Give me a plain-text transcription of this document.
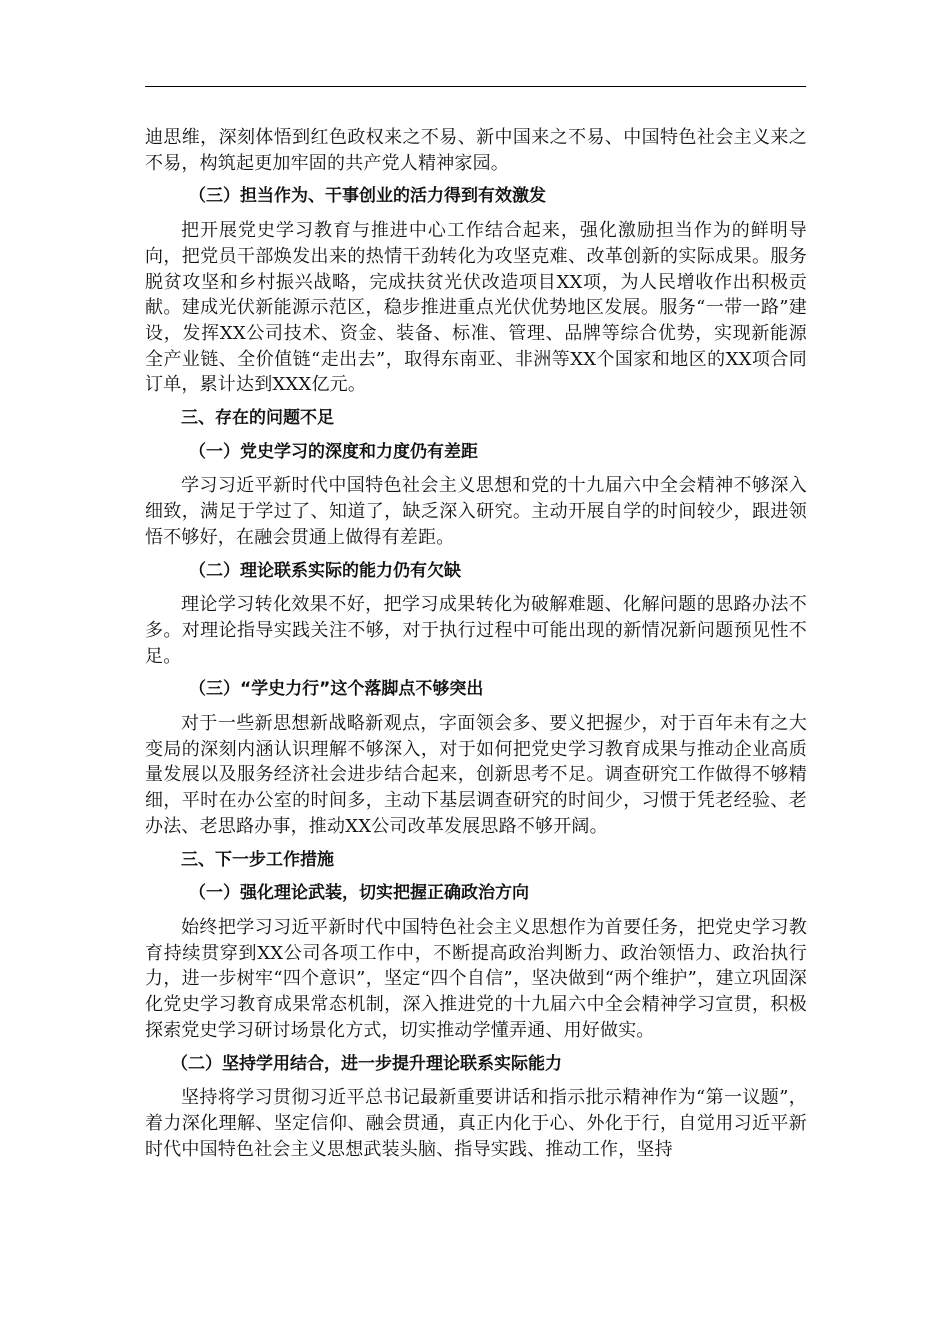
迪思维，深刻体悟到红色政权来之不易、新中国来之不易、中国特色社会主义来之不易，构筑起更加牢固的共产党人精神家园。

（三）担当作为、干事创业的活力得到有效激发

把开展党史学习教育与推进中心工作结合起来，强化激励担当作为的鲜明导向，把党员干部焕发出来的热情干劲转化为攻坚克难、改革创新的实际成果。服务脱贫攻坚和乡村振兴战略，完成扶贫光伏改造项目XX项，为人民增收作出积极贡献。建成光伏新能源示范区，稳步推进重点光伏优势地区发展。服务“一带一路”建设，发挥XX公司技术、资金、装备、标准、管理、品牌等综合优势，实现新能源全产业链、全价值链“走出去”，取得东南亚、非洲等XX个国家和地区的XX项合同订单，累计达到XXX亿元。

三、存在的问题不足

（一）党史学习的深度和力度仍有差距

学习习近平新时代中国特色社会主义思想和党的十九届六中全会精神不够深入细致，满足于学过了、知道了，缺乏深入研究。主动开展自学的时间较少，跟进领悟不够好，在融会贯通上做得有差距。

（二）理论联系实际的能力仍有欠缺

理论学习转化效果不好，把学习成果转化为破解难题、化解问题的思路办法不多。对理论指导实践关注不够，对于执行过程中可能出现的新情况新问题预见性不足。

（三）“学史力行”这个落脚点不够突出

对于一些新思想新战略新观点，字面领会多、要义把握少，对于百年未有之大变局的深刻内涵认识理解不够深入，对于如何把党史学习教育成果与推动企业高质量发展以及服务经济社会进步结合起来，创新思考不足。调查研究工作做得不够精细，平时在办公室的时间多，主动下基层调查研究的时间少，习惯于凭老经验、老办法、老思路办事，推动XX公司改革发展思路不够开阔。

三、下一步工作措施

（一）强化理论武装，切实把握正确政治方向

始终把学习习近平新时代中国特色社会主义思想作为首要任务，把党史学习教育持续贯穿到XX公司各项工作中，不断提高政治判断力、政治领悟力、政治执行力，进一步树牢“四个意识”，坚定“四个自信”，坚决做到“两个维护”，建立巩固深化党史学习教育成果常态机制，深入推进党的十九届六中全会精神学习宣贯，积极探索党史学习研讨场景化方式，切实推动学懂弄通、用好做实。

（二）坚持学用结合，进一步提升理论联系实际能力

坚持将学习贯彻习近平总书记最新重要讲话和指示批示精神作为“第一议题”，着力深化理解、坚定信仰、融会贯通，真正内化于心、外化于行，自觉用习近平新时代中国特色社会主义思想武装头脑、指导实践、推动工作，坚持
